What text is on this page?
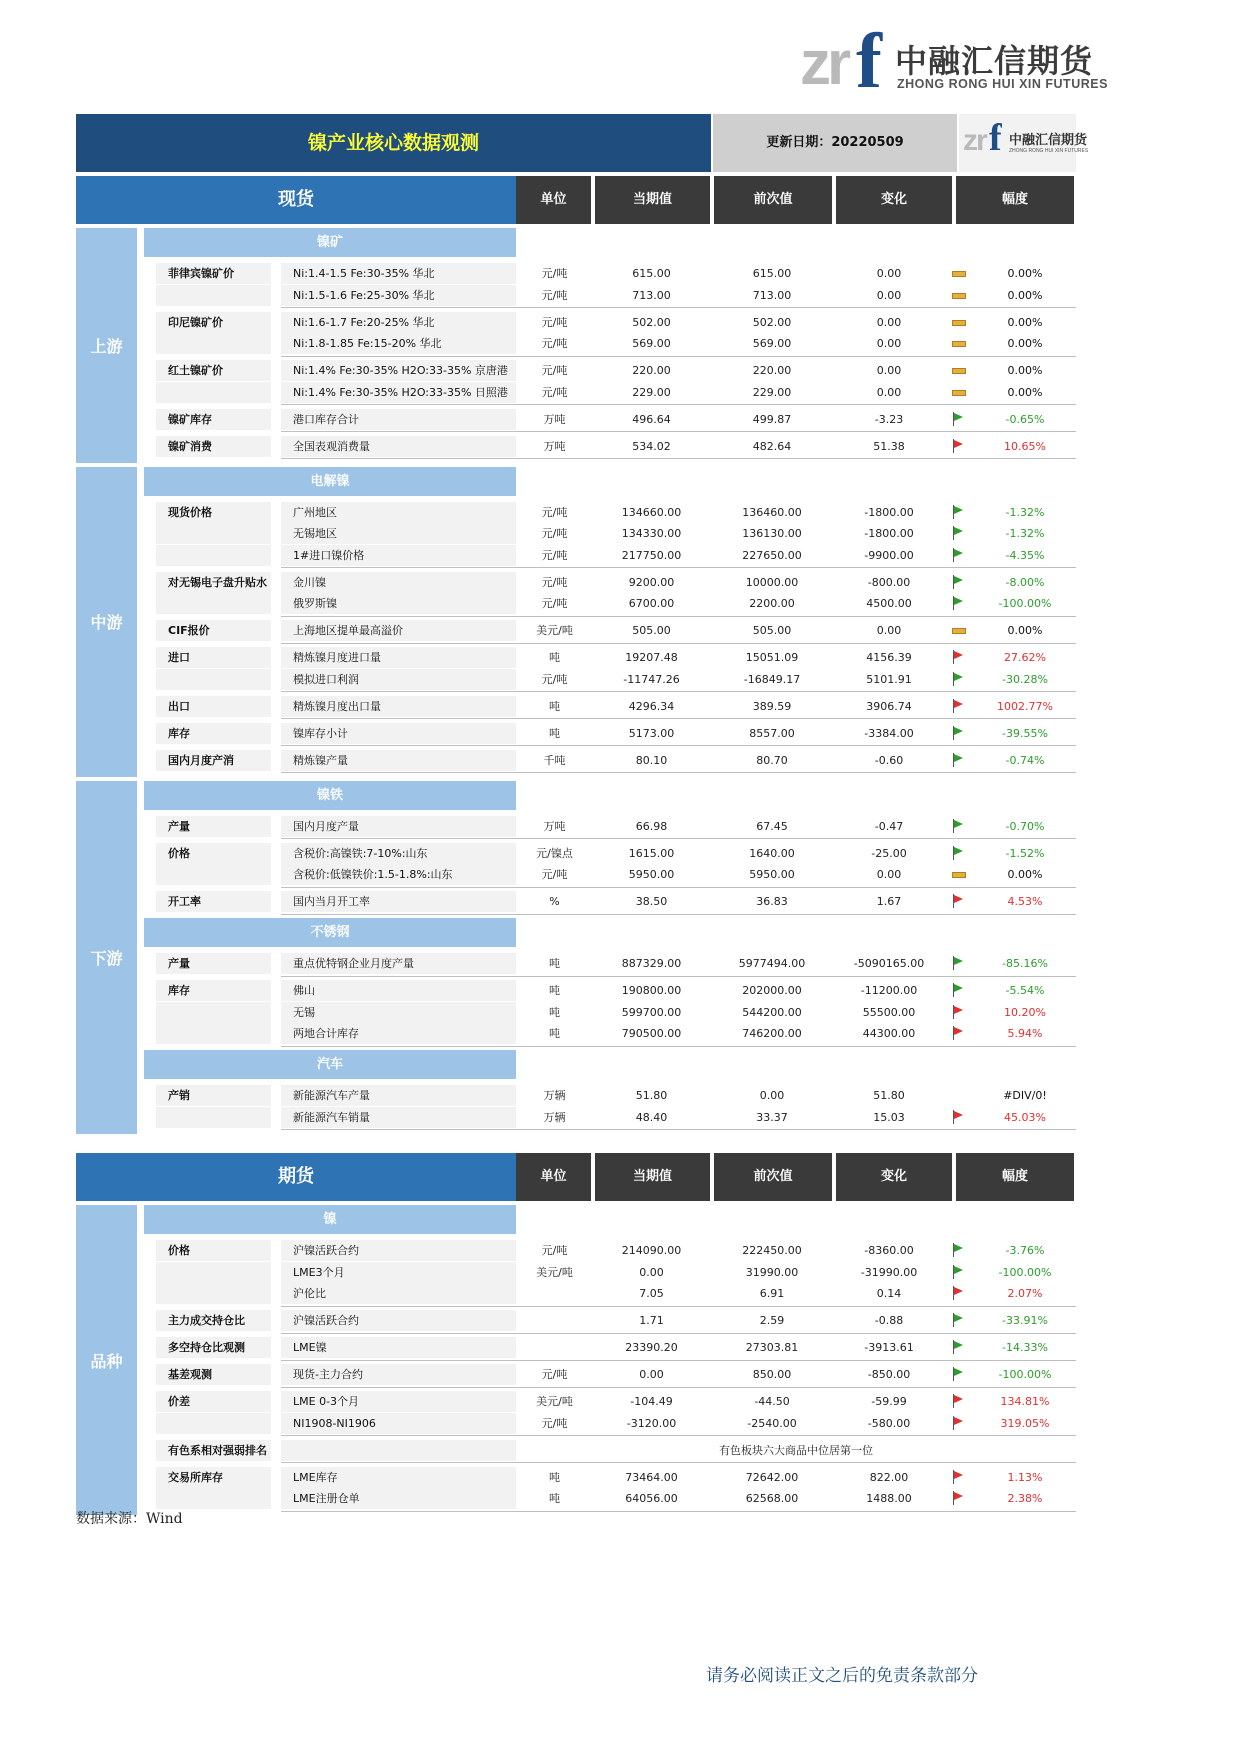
zr f 中融汇信期货
ZHONG RONG HUI XIN FUTURES
镍产业核心数据观测	更新日期：20220509	zr f 中融汇信期货
ZHONG RONG HUI XIN FUTURES
现货	单位	当期值	前次值	变化	幅度
上游
镍矿
菲律宾镍矿价	Ni:1.4-1.5 Fe:30-35% 华北	元/吨	615.00	615.00	0.00	0.00%
Ni:1.5-1.6 Fe:25-30% 华北	元/吨	713.00	713.00	0.00	0.00%
印尼镍矿价	Ni:1.6-1.7 Fe:20-25% 华北	元/吨	502.00	502.00	0.00	0.00%
Ni:1.8-1.85 Fe:15-20% 华北	元/吨	569.00	569.00	0.00	0.00%
红土镍矿价	Ni:1.4% Fe:30-35% H2O:33-35% 京唐港	元/吨	220.00	220.00	0.00	0.00%
Ni:1.4% Fe:30-35% H2O:33-35% 日照港	元/吨	229.00	229.00	0.00	0.00%
镍矿库存	港口库存合计	万吨	496.64	499.87	-3.23	-0.65%
镍矿消费	全国表观消费量	万吨	534.02	482.64	51.38	10.65%
中游
电解镍
现货价格	广州地区	元/吨	134660.00	136460.00	-1800.00	-1.32%
无锡地区	元/吨	134330.00	136130.00	-1800.00	-1.32%
1#进口镍价格	元/吨	217750.00	227650.00	-9900.00	-4.35%
对无锡电子盘升贴水	金川镍	元/吨	9200.00	10000.00	-800.00	-8.00%
俄罗斯镍	元/吨	6700.00	2200.00	4500.00	-100.00%
CIF报价	上海地区提单最高溢价	美元/吨	505.00	505.00	0.00	0.00%
进口	精炼镍月度进口量	吨	19207.48	15051.09	4156.39	27.62%
模拟进口利润	元/吨	-11747.26	-16849.17	5101.91	-30.28%
出口	精炼镍月度出口量	吨	4296.34	389.59	3906.74	1002.77%
库存	镍库存小计	吨	5173.00	8557.00	-3384.00	-39.55%
国内月度产消	精炼镍产量	千吨	80.10	80.70	-0.60	-0.74%
下游
镍铁
产量	国内月度产量	万吨	66.98	67.45	-0.47	-0.70%
价格	含税价:高镍铁:7-10%:山东	元/镍点	1615.00	1640.00	-25.00	-1.52%
含税价:低镍铁价:1.5-1.8%:山东	元/吨	5950.00	5950.00	0.00	0.00%
开工率	国内当月开工率	%	38.50	36.83	1.67	4.53%
不锈钢
产量	重点优特钢企业月度产量	吨	887329.00	5977494.00	-5090165.00	-85.16%
库存	佛山	吨	190800.00	202000.00	-11200.00	-5.54%
无锡	吨	599700.00	544200.00	55500.00	10.20%
两地合计库存	吨	790500.00	746200.00	44300.00	5.94%
汽车
产销	新能源汽车产量	万辆	51.80	0.00	51.80	#DIV/0!
新能源汽车销量	万辆	48.40	33.37	15.03	45.03%
期货	单位	当期值	前次值	变化	幅度
品种
镍
价格	沪镍活跃合约	元/吨	214090.00	222450.00	-8360.00	-3.76%
LME3个月	美元/吨	0.00	31990.00	-31990.00	-100.00%
沪伦比	7.05	6.91	0.14	2.07%
主力成交持仓比	沪镍活跃合约	1.71	2.59	-0.88	-33.91%
多空持仓比观测	LME镍	23390.20	27303.81	-3913.61	-14.33%
基差观测	现货-主力合约	元/吨	0.00	850.00	-850.00	-100.00%
价差	LME 0-3个月	美元/吨	-104.49	-44.50	-59.99	134.81%
NI1908-NI1906	元/吨	-3120.00	-2540.00	-580.00	319.05%
有色系相对强弱排名	有色板块六大商品中位居第一位
交易所库存	LME库存	吨	73464.00	72642.00	822.00	1.13%
LME注册仓单	吨	64056.00	62568.00	1488.00	2.38%
数据来源：Wind
请务必阅读正文之后的免责条款部分
